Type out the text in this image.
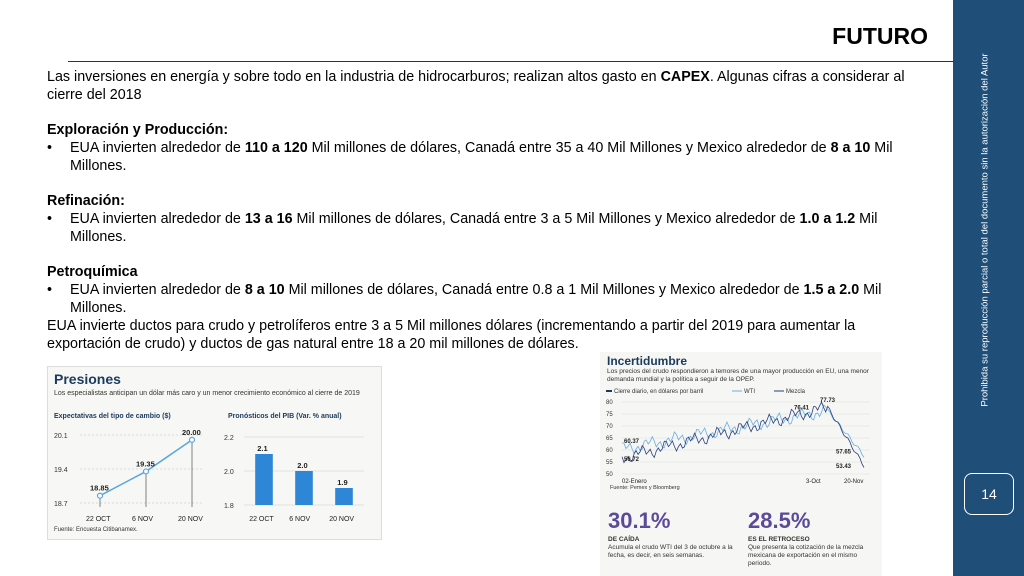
Prohibida su reproducción parcial o total del documento sin la autorización del Autor
14
FUTURO

Las inversiones en energía y sobre todo en la industria de hidrocarburos; realizan altos gasto en CAPEX. Algunas cifras a considerar al cierre del 2018

Exploración y Producción:

• EUA invierten alrededor de 110 a 120 Mil millones de dólares, Canadá entre 35 a 40 Mil Millones y Mexico alrededor de 8 a 10 Mil Millones.

Refinación:

• EUA invierten alrededor de 13 a 16 Mil millones de dólares, Canadá entre 3 a 5 Mil Millones y Mexico alrededor de 1.0 a 1.2 Mil Millones.

Petroquímica

• EUA invierten alrededor de 8 a 10 Mil millones de dólares, Canadá entre 0.8 a 1 Mil Millones y Mexico alrededor de 1.5 a 2.0 Mil Millones.

EUA invierte ductos para crudo y petrolíferos entre 3 a 5 Mil millones dólares (incrementando a partir del 2019 para aumentar la exportación de crudo) y ductos de gas natural entre 18 a 20 mil millones de dólares.

Presiones
Los especialistas anticipan un dólar más caro y un menor crecimiento económico al cierre de 2019
Expectativas del tipo de cambio ($)	Pronósticos del PIB (Var. % anual)
20.1
19.4
18.7
18.85
22 OCT
19.35
6 NOV
20.00
20 NOV
2.2
2.0
1.8
2.1
22 OCT
2.0
6 NOV
1.9
20 NOV
Fuente: Encuesta Citibanamex.
Incertidumbre
Los precios del crudo respondieron a temores de una mayor producción en EU, una menor demanda mundial y la política a seguir de la OPEP.
Cierre diario, en dólares por barril	WTI	Mezcla
80
75
70
65
60
55
50
60.37
56.72
76.41
77.73
57.65
53.43
02-Enero	3-Oct	20-Nov
Fuente: Pemex y Bloomberg
30.1%
DE CAÍDA
Acumula el crudo WTI del 3 de octubre a la fecha, es decir, en seis semanas.
28.5%
ES EL RETROCESO
Que presenta la cotización de la mezcla mexicana de exportación en el mismo periodo.
